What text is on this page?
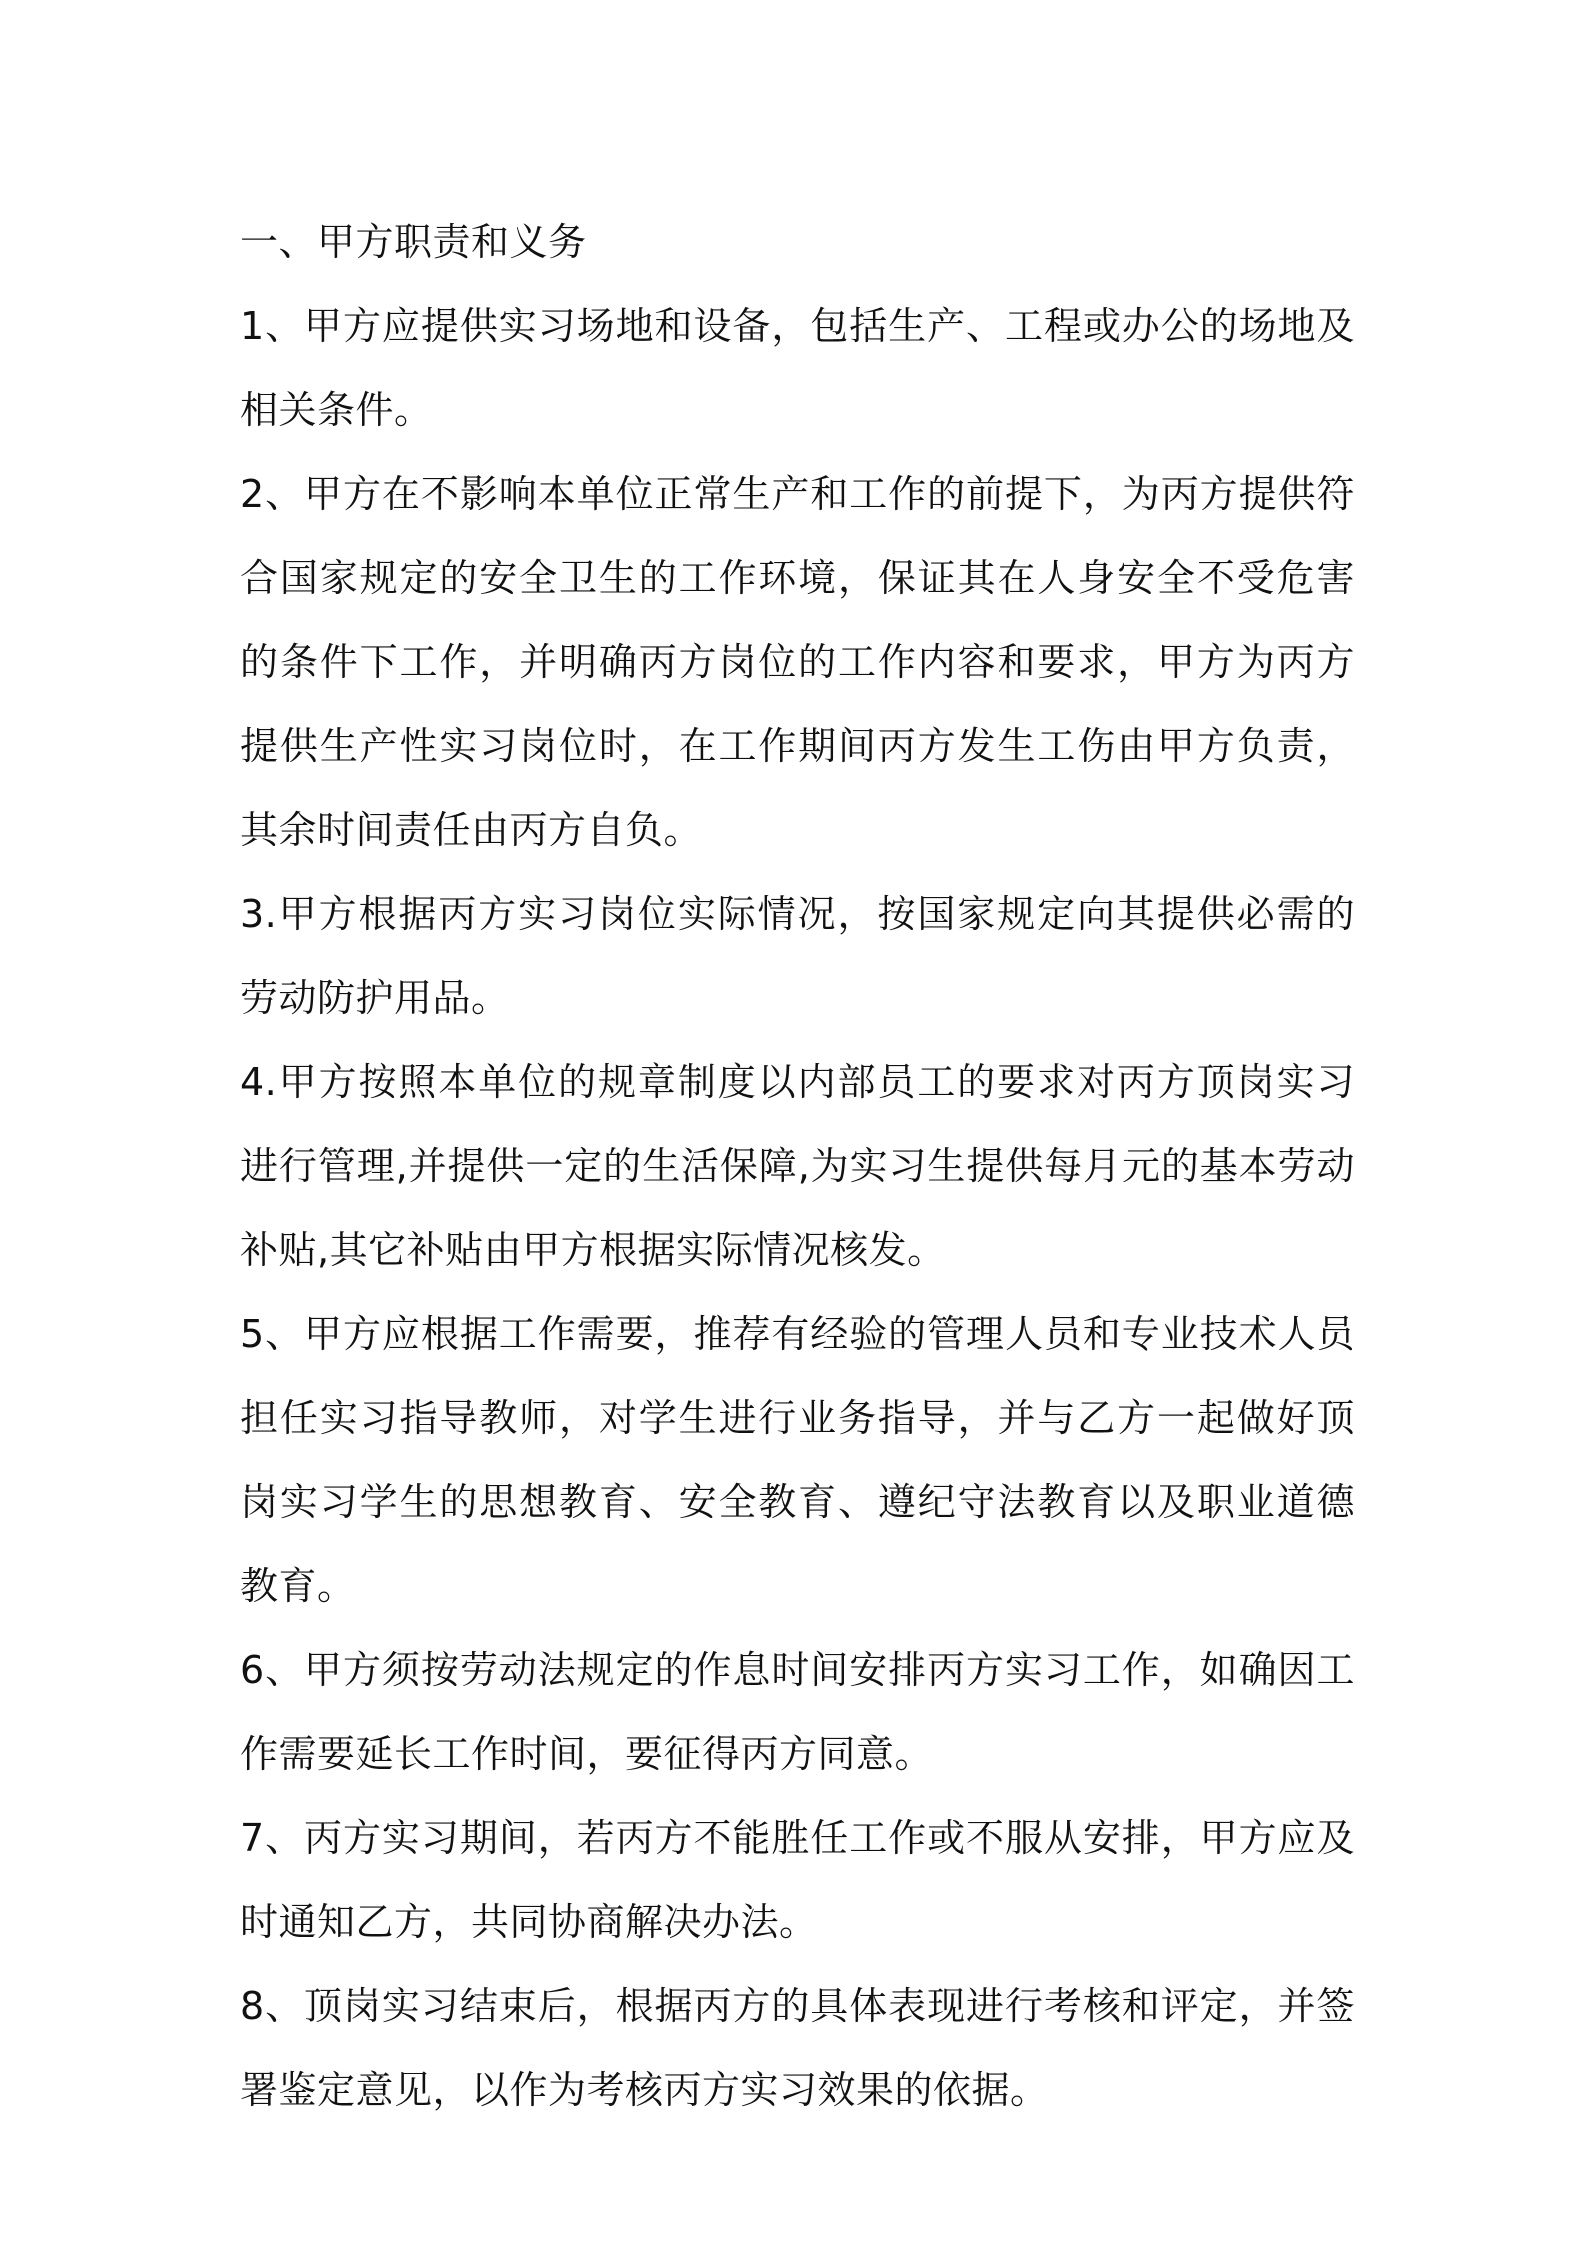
一、甲方职责和义务

1、甲方应提供实习场地和设备，包括生产、工程或办公的场地及相关条件。

2、甲方在不影响本单位正常生产和工作的前提下，为丙方提供符合国家规定的安全卫生的工作环境，保证其在人身安全不受危害的条件下工作，并明确丙方岗位的工作内容和要求，甲方为丙方提供生产性实习岗位时，在工作期间丙方发生工伤由甲方负责，其余时间责任由丙方自负。

3.甲方根据丙方实习岗位实际情况，按国家规定向其提供必需的劳动防护用品。

4.甲方按照本单位的规章制度以内部员工的要求对丙方顶岗实习进行管理,并提供一定的生活保障,为实习生提供每月元的基本劳动补贴,其它补贴由甲方根据实际情况核发。

5、甲方应根据工作需要，推荐有经验的管理人员和专业技术人员担任实习指导教师，对学生进行业务指导，并与乙方一起做好顶岗实习学生的思想教育、安全教育、遵纪守法教育以及职业道德教育。

6、甲方须按劳动法规定的作息时间安排丙方实习工作，如确因工作需要延长工作时间，要征得丙方同意。

7、丙方实习期间，若丙方不能胜任工作或不服从安排，甲方应及时通知乙方，共同协商解决办法。

8、顶岗实习结束后，根据丙方的具体表现进行考核和评定，并签署鉴定意见，以作为考核丙方实习效果的依据。
